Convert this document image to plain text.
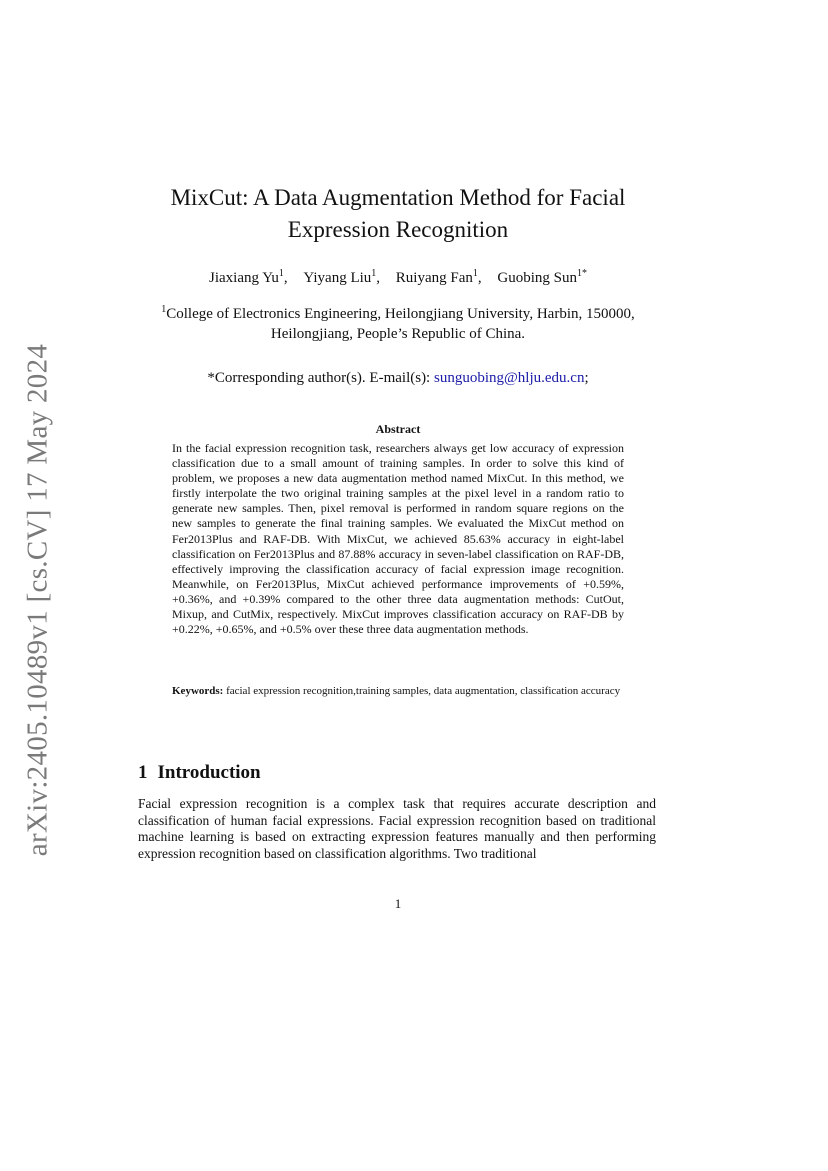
arXiv:2405.10489v1 [cs.CV] 17 May 2024
MixCut: A Data Augmentation Method for Facial Expression Recognition
Jiaxiang Yu$^1$, Yiyang Liu$^1$, Ruiyang Fan$^1$, Guobing Sun$^{1*}$
$^1$College of Electronics Engineering, Heilongjiang University, Harbin, 150000, Heilongjiang, People’s Republic of China.
*Corresponding author(s). E-mail(s): sunguobing@hlju.edu.cn;
Abstract

In the facial expression recognition task, researchers always get low accuracy of expression classification due to a small amount of training samples. In order to solve this kind of problem, we proposes a new data augmentation method named MixCut. In this method, we firstly interpolate the two original training samples at the pixel level in a random ratio to generate new samples. Then, pixel removal is performed in random square regions on the new samples to generate the final training samples. We evaluated the MixCut method on Fer2013Plus and RAF-DB. With MixCut, we achieved 85.63% accuracy in eight-label classification on Fer2013Plus and 87.88% accuracy in seven-label classification on RAF-DB, effectively improving the classification accuracy of facial expression image recognition. Meanwhile, on Fer2013Plus, MixCut achieved performance improvements of +0.59%, +0.36%, and +0.39% compared to the other three data augmentation methods: CutOut, Mixup, and CutMix, respectively. MixCut improves classification accuracy on RAF-DB by +0.22%, +0.65%, and +0.5% over these three data augmentation methods.

Keywords: facial expression recognition,training samples, data augmentation, classification accuracy
1 Introduction

Facial expression recognition is a complex task that requires accurate description and classification of human facial expressions. Facial expression recognition based on traditional machine learning is based on extracting expression features manually and then performing expression recognition based on classification algorithms. Two traditional

1
